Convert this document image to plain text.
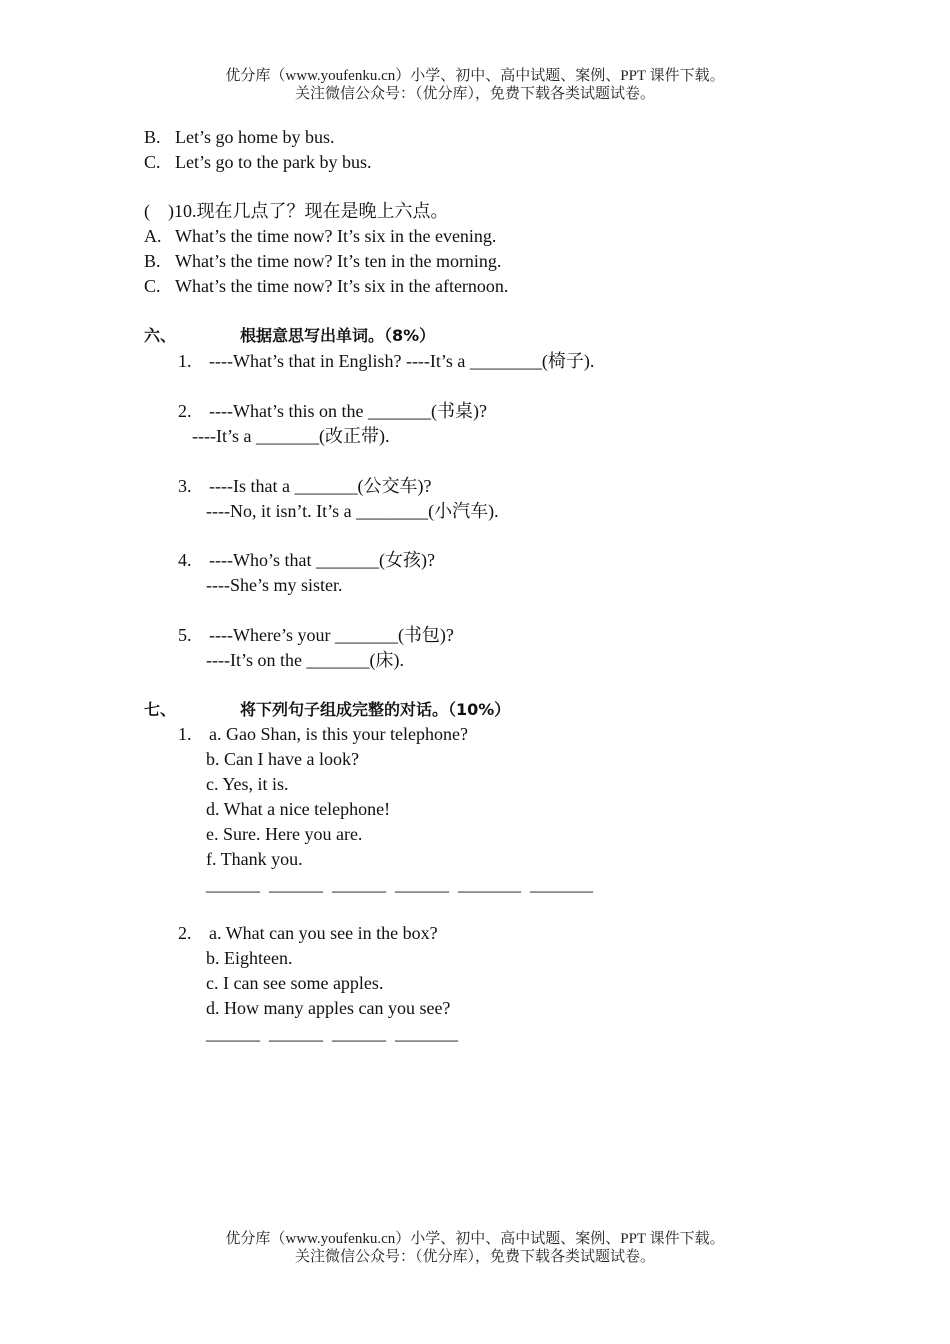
优分库（www.youfenku.cn）小学、初中、高中试题、案例、PPT 课件下载。
关注微信公众号：（优分库），免费下载各类试题试卷。
B. Let’s go home by bus.
C. Let’s go to the park by bus.
(    )10.现在几点了？现在是晚上六点。
A. What’s the time now? It’s six in the evening.
B. What’s the time now? It’s ten in the morning.
C. What’s the time now? It’s six in the afternoon.
六、	根据意思写出单词。（8%）
1. ----What’s that in English? ----It’s a ________(椅子).
2. ----What’s this on the _______(书桌)?
----It’s a _______(改正带).
3. ----Is that a _______(公交车)?
----No, it isn’t. It’s a ________(小汽车).
4. ----Who’s that _______(女孩)?
----She’s my sister.
5. ----Where’s your _______(书包)?
----It’s on the _______(床).
七、	将下列句子组成完整的对话。（10%）
1. a. Gao Shan, is this your telephone?
b. Can I have a look?
c. Yes, it is.
d. What a nice telephone!
e. Sure. Here you are.
f. Thank you.
______  ______  ______  ______  _______  _______
2. a. What can you see in the box?
b. Eighteen.
c. I can see some apples.
d. How many apples can you see?
______  ______  ______  _______
优分库（www.youfenku.cn）小学、初中、高中试题、案例、PPT 课件下载。
关注微信公众号：（优分库），免费下载各类试题试卷。
